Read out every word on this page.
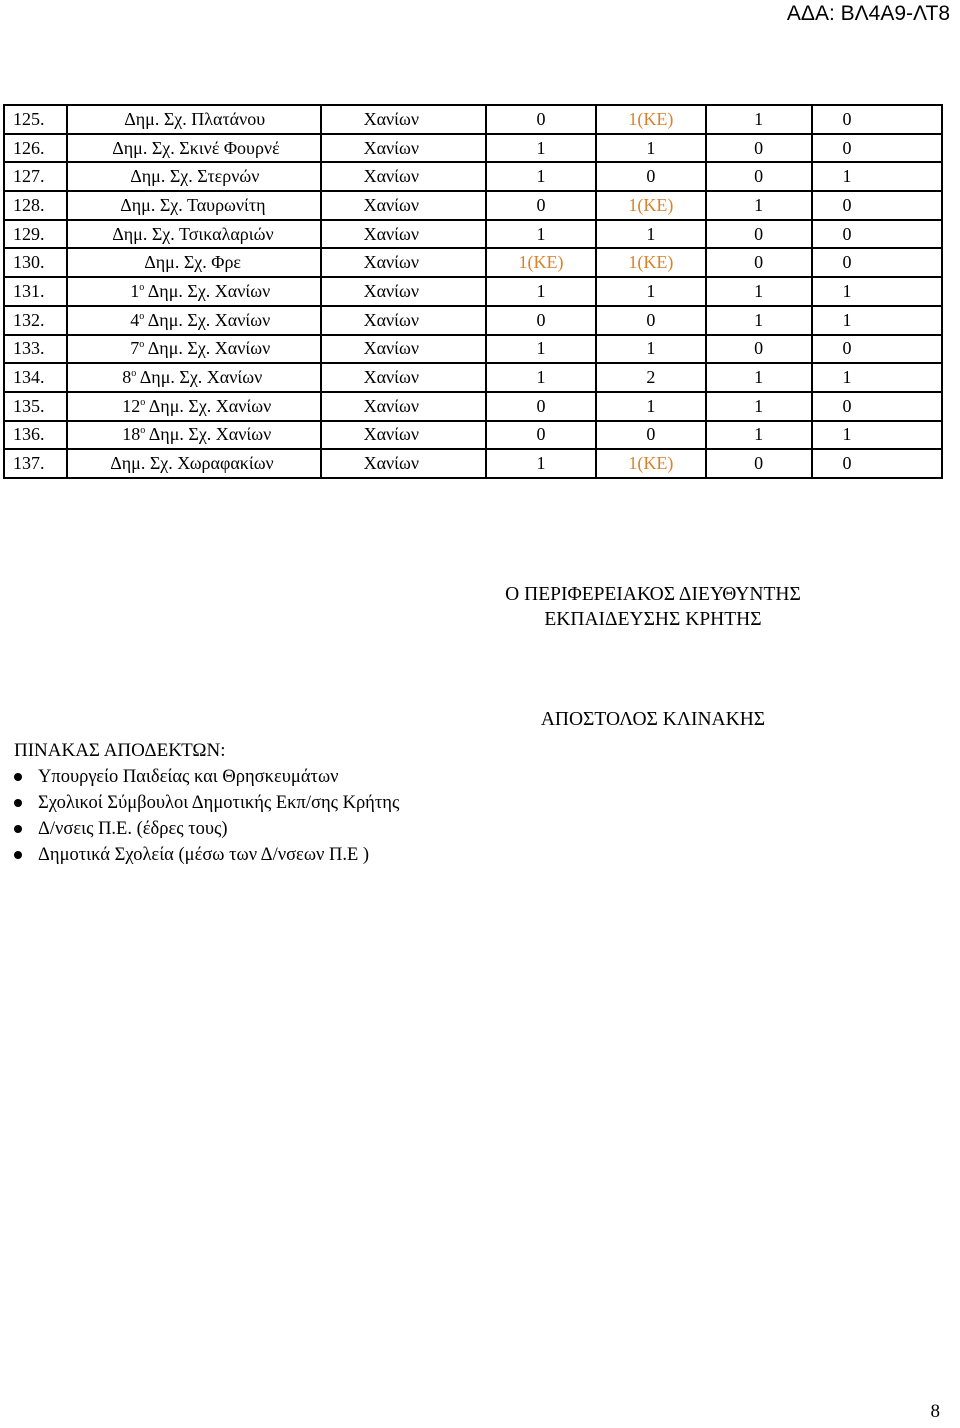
ΑΔΑ: ΒΛ4Α9-ΛΤ8
125.	Δημ. Σχ. Πλατάνου	Χανίων	0	1(ΚΕ)	1	0
126.	Δημ. Σχ. Σκινέ Φουρνέ	Χανίων	1	1	0	0
127.	Δημ. Σχ. Στερνών	Χανίων	1	0	0	1
128.	Δημ. Σχ. Ταυρωνίτη	Χανίων	0	1(ΚΕ)	1	0
129.	Δημ. Σχ. Τσικαλαριών	Χανίων	1	1	0	0
130.	Δημ. Σχ. Φρε	Χανίων	1(ΚΕ)	1(ΚΕ)	0	0
131.	$1^o$ Δημ. Σχ. Χανίων	Χανίων	1	1	1	1
132.	$4^o$ Δημ. Σχ. Χανίων	Χανίων	0	0	1	1
133.	$7^o$ Δημ. Σχ. Χανίων	Χανίων	1	1	0	0
134.	$8^o$ Δημ. Σχ. Χανίων	Χανίων	1	2	1	1
135.	$12^o$ Δημ. Σχ. Χανίων	Χανίων	0	1	1	0
136.	$18^o$ Δημ. Σχ. Χανίων	Χανίων	0	0	1	1
137.	Δημ. Σχ. Χωραφακίων	Χανίων	1	1(ΚΕ)	0	0
Ο ΠΕΡΙΦΕΡΕΙΑΚΟΣ ΔΙΕΥΘΥΝΤΗΣ
ΕΚΠΑΙΔΕΥΣΗΣ ΚΡΗΤΗΣ
ΑΠΟΣΤΟΛΟΣ ΚΛΙΝΑΚΗΣ
ΠΙΝΑΚΑΣ ΑΠΟΔΕΚΤΩΝ:
Υπουργείο Παιδείας και Θρησκευμάτων
Σχολικοί Σύμβουλοι Δημοτικής Εκπ/σης Κρήτης
Δ/νσεις Π.Ε. (έδρες τους)
Δημοτικά Σχολεία (μέσω των Δ/νσεων Π.Ε )
8
